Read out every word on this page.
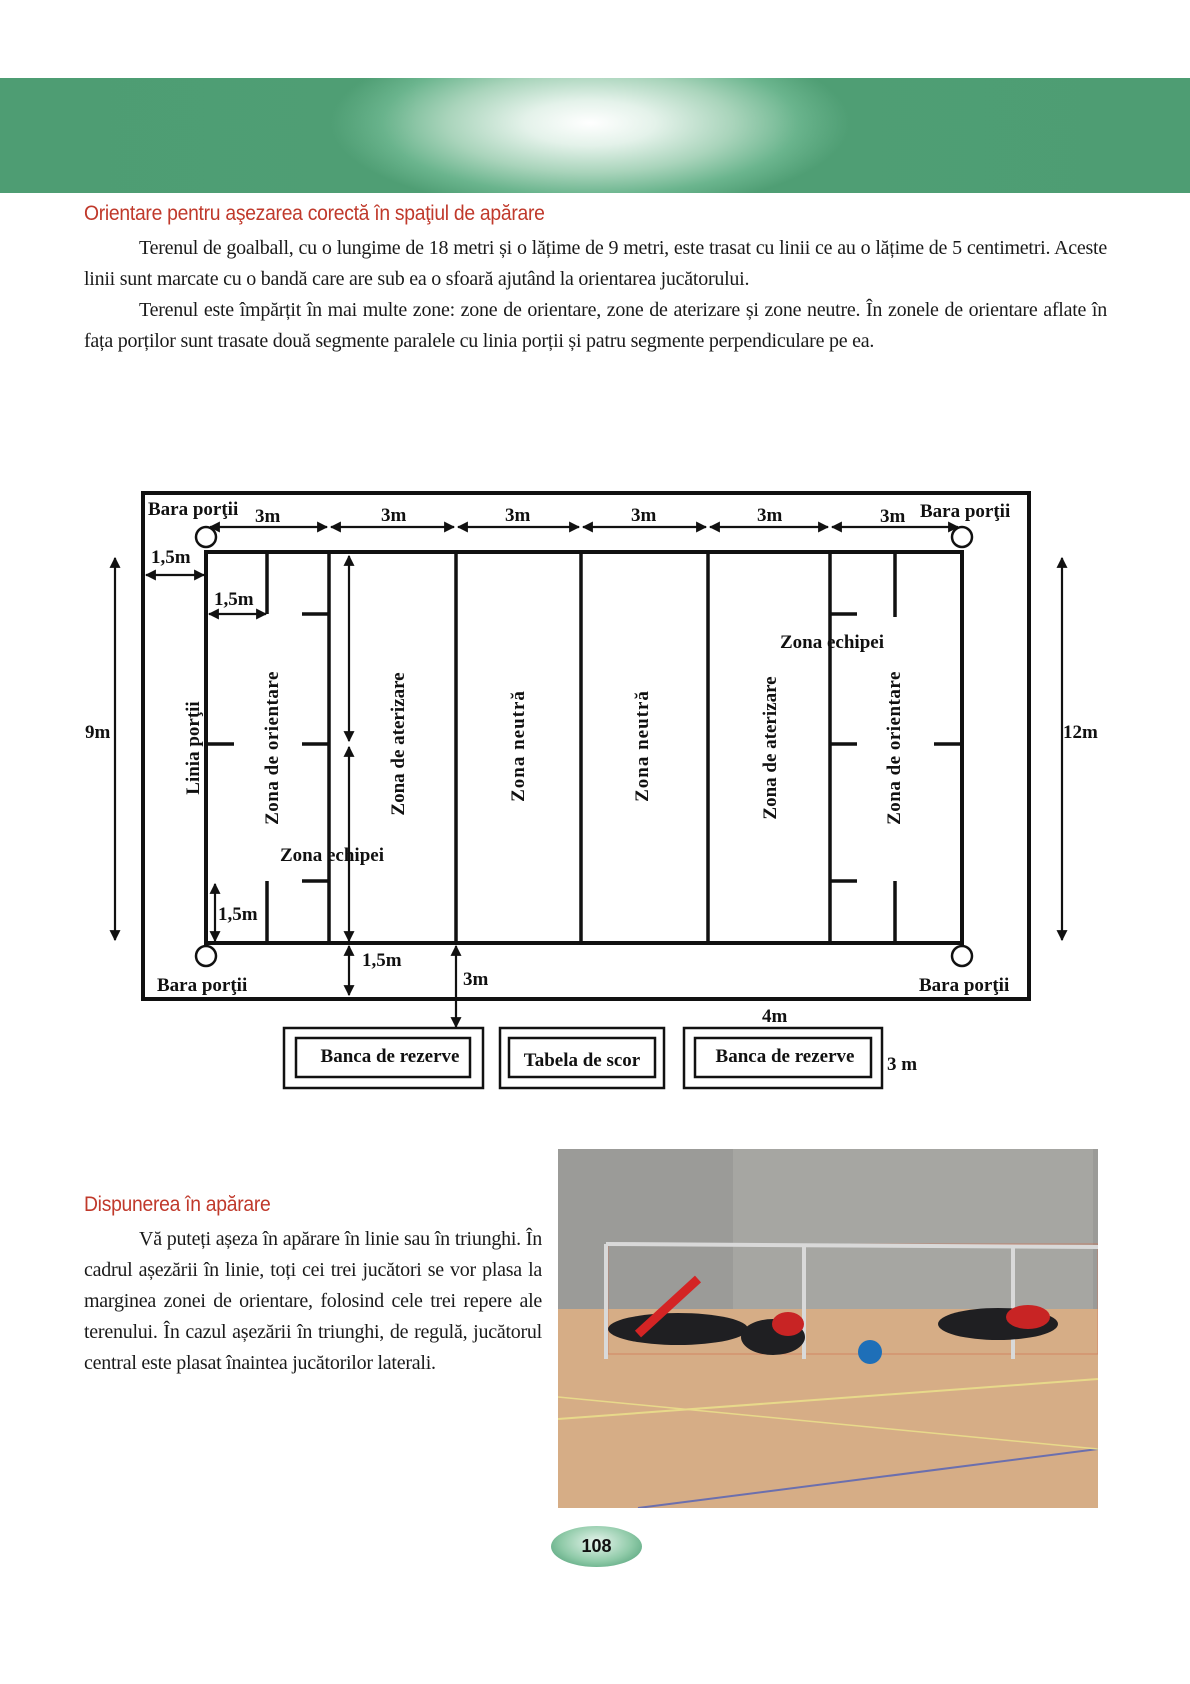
Orientare pentru aşezarea corectă în spaţiul de apărare

Terenul de goalball, cu o lungime de 18 metri și o lățime de 9 metri, este trasat cu linii ce au o lățime de 5 centimetri. Aceste linii sunt marcate cu o bandă care are sub ea o sfoară ajutând la orientarea jucătorului.

Terenul este împărțit în mai multe zone: zone de orientare, zone de aterizare și zone neutre. În zonele de orientare aflate în fața porților sunt trasate două segmente paralele cu linia porții și patru segmente perpendiculare pe ea.

Bara porţii	Bara porţii
Bara porţii	Bara porţii
3m	3m	3m	3m	3m	3m
1,5m
1,5m
1,5m
1,5m
3m
9m	12m
Zona echipei
Zona echipei
Banca de rezerve	Tabela de scor	Banca de rezerve
4m
3 m
Linia porţii	Zona de orientare	Zona de aterizare	Zona neutră	Zona neutră	Zona de aterizare	Zona de orientare
Dispunerea în apărare

Vă puteți așeza în apărare în linie sau în triunghi. În cadrul așezării în linie, toți cei trei jucători se vor plasa la marginea zonei de orientare, folosind cele trei repere ale terenului. În cazul așezării în triunghi, de regulă, jucătorul central este plasat înaintea jucătorilor laterali.

108
